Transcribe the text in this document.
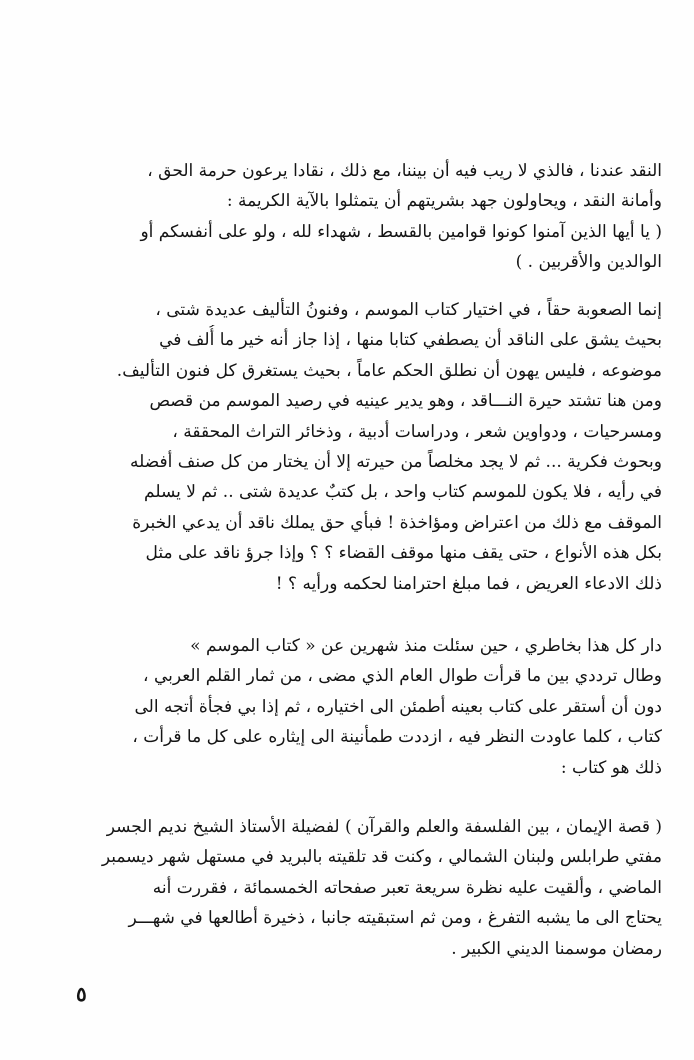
النقد عندنا ، فالذي لا ريب فيه أن بيننا، مع ذلك ، نقادا يرعون حرمة الحق ،
وأمانة النقد ، ويحاولون جهد بشريتهم أن يتمثلوا بالآية الكريمة :
( يا أيها الذين آمنوا كونوا قوامين بالقسط ، شهداء لله ، ولو على أنفسكم أو
الوالدين والأقربين . )
إنما الصعوبة حقاً ، في اختيار كتاب الموسم ، وفنونُ التأليف عديدة شتى ،
بحيث يشق على الناقد أن يصطفي كتابا منها ، إذا جاز أنه خير ما أُلف في
موضوعه ، فليس يهون أن نطلق الحكم عاماً ، بحيث يستغرق كل فنون التأليف.
ومن هنا تشتد حيرة النـــاقد ، وهو يدير عينيه في رصيد الموسم من قصص
ومسرحيات ، ودواوين شعر ، ودراسات أدبية ، وذخائر التراث المحققة ،
وبحوث فكرية ... ثم لا يجد مخلصاً من حيرته إلا أن يختار من كل صنف أفضله
في رأيه ، فلا يكون للموسم كتاب واحد ، بل كتبٌ عديدة شتى .. ثم لا يسلم
الموقف مع ذلك من اعتراض ومؤاخذة ! فبأي حق يملك ناقد أن يدعي الخبرة
بكل هذه الأنواع ، حتى يقف منها موقف القضاء ؟ ؟ وإذا جرؤ ناقد على مثل
ذلك الادعاء العريض ، فما مبلغ احترامنا لحكمه ورأيه ؟ !
دار كل هذا بخاطري ، حين سئلت منذ شهرين عن « كتاب الموسم »
وطال ترددي بين ما قرأت طوال العام الذي مضى ، من ثمار القلم العربي ،
دون أن أستقر على كتاب بعينه أطمئن الى اختياره ، ثم إذا بي فجأة أتجه الى
كتاب ، كلما عاودت النظر فيه ، ازددت طمأنينة الى إيثاره على كل ما قرأت ،
ذلك هو كتاب :
( قصة الإيمان ، بين الفلسفة والعلم والقرآن ) لفضيلة الأستاذ الشيخ نديم الجسر
مفتي طرابلس ولبنان الشمالي ، وكنت قد تلقيته بالبريد في مستهل شهر ديسمبر
الماضي ، وألقيت عليه نظرة سريعة تعبر صفحاته الخمسمائة ، فقررت أنه
يحتاج الى ما يشبه التفرغ ، ومن ثم استبقيته جانبا ، ذخيرة أطالعها في شهـــر
رمضان موسمنا الديني الكبير .
٥
